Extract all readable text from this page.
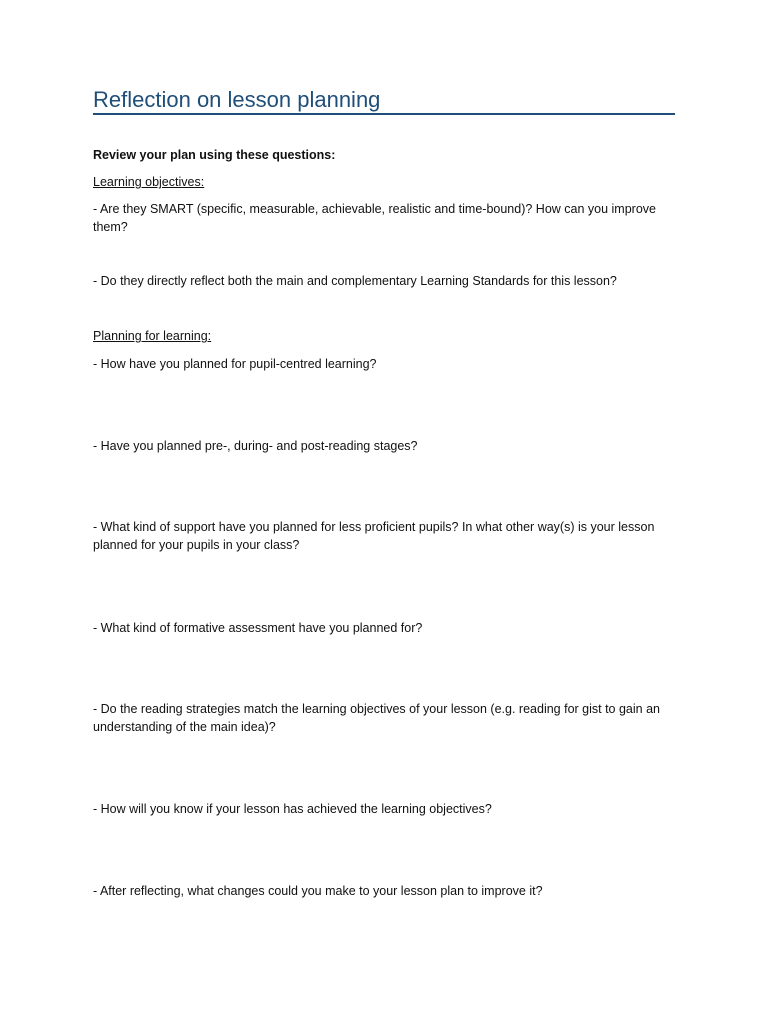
Reflection on lesson planning
Review your plan using these questions:
Learning objectives:
- Are they SMART (specific, measurable, achievable, realistic and time-bound)? How can you improve them?
- Do they directly reflect both the main and complementary Learning Standards for this lesson?
Planning for learning:
- How have you planned for pupil-centred learning?
- Have you planned pre-, during- and post-reading stages?
- What kind of support have you planned for less proficient pupils? In what other way(s) is your lesson planned for your pupils in your class?
- What kind of formative assessment have you planned for?
- Do the reading strategies match the learning objectives of your lesson (e.g. reading for gist to gain an understanding of the main idea)?
- How will you know if your lesson has achieved the learning objectives?
- After reflecting, what changes could you make to your lesson plan to improve it?
